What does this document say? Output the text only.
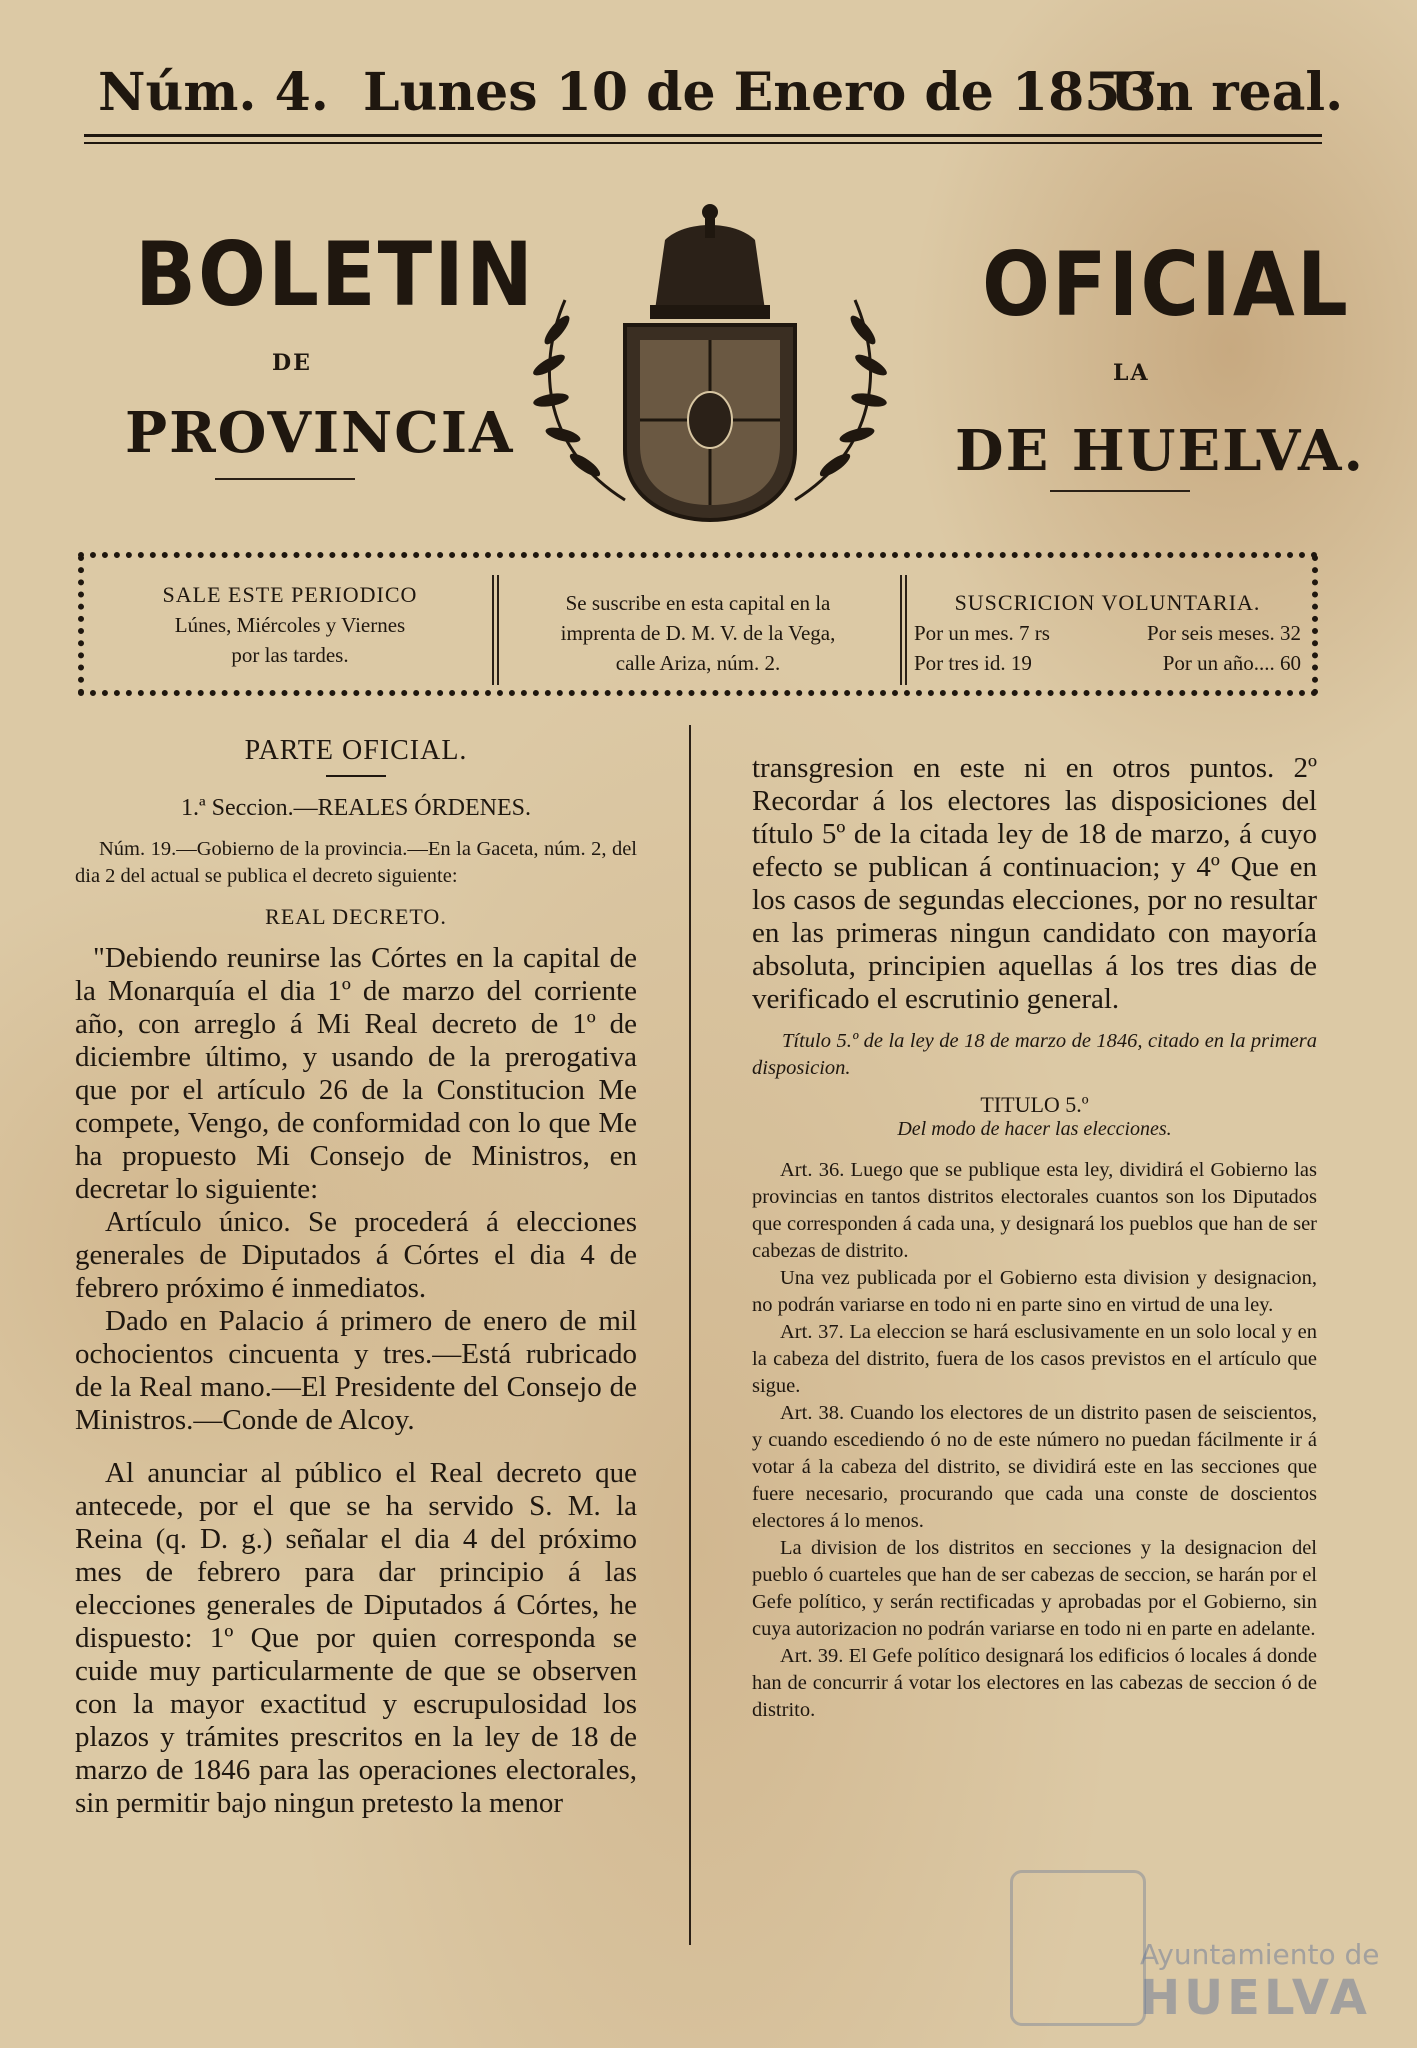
Núm. 4. Lunes 10 de Enero de 1853.
Un real.
BOLETIN
DE
PROVINCIA
OFICIAL
LA
DE HUELVA.
SALE ESTE PERIODICO
Lúnes, Miércoles y Viernes
por las tardes.
Se suscribe en esta capital en la
imprenta de D. M. V. de la Vega,
calle Ariza, núm. 2.
SUSCRICION VOLUNTARIA.
Por un mes. 7 rs	Por seis meses. 32
Por tres id. 19	Por un año.... 60
PARTE OFICIAL.
1.ª Seccion.—REALES ÓRDENES.

Núm. 19.—Gobierno de la provincia.—En la Gaceta, núm. 2, del dia 2 del actual se publica el decreto siguiente:

REAL DECRETO.

"Debiendo reunirse las Córtes en la capital de la Monarquía el dia 1º de marzo del corriente año, con arreglo á Mi Real decreto de 1º de diciembre último, y usando de la prerogativa que por el artículo 26 de la Constitucion Me compete, Vengo, de conformidad con lo que Me ha propuesto Mi Consejo de Ministros, en decretar lo siguiente:

Artículo único. Se procederá á elecciones generales de Diputados á Córtes el dia 4 de febrero próximo é inmediatos.

Dado en Palacio á primero de enero de mil ochocientos cincuenta y tres.—Está rubricado de la Real mano.—El Presidente del Consejo de Ministros.—Conde de Alcoy.

Al anunciar al público el Real decreto que antecede, por el que se ha servido S. M. la Reina (q. D. g.) señalar el dia 4 del próximo mes de febrero para dar principio á las elecciones generales de Diputados á Córtes, he dispuesto: 1º Que por quien corresponda se cuide muy particularmente de que se observen con la mayor exactitud y escrupulosidad los plazos y trámites prescritos en la ley de 18 de marzo de 1846 para las operaciones electorales, sin permitir bajo ningun pretesto la menor

transgresion en este ni en otros puntos. 2º Recordar á los electores las disposiciones del título 5º de la citada ley de 18 de marzo, á cuyo efecto se publican á continuacion; y 4º Que en los casos de segundas elecciones, por no resultar en las primeras ningun candidato con mayoría absoluta, principien aquellas á los tres dias de verificado el escrutinio general.

Título 5.º de la ley de 18 de marzo de 1846, citado en la primera disposicion.

TITULO 5.º
Del modo de hacer las elecciones.

Art. 36. Luego que se publique esta ley, dividirá el Gobierno las provincias en tantos distritos electorales cuantos son los Diputados que corresponden á cada una, y designará los pueblos que han de ser cabezas de distrito.

Una vez publicada por el Gobierno esta division y designacion, no podrán variarse en todo ni en parte sino en virtud de una ley.

Art. 37. La eleccion se hará esclusivamente en un solo local y en la cabeza del distrito, fuera de los casos previstos en el artículo que sigue.

Art. 38. Cuando los electores de un distrito pasen de seiscientos, y cuando escediendo ó no de este número no puedan fácilmente ir á votar á la cabeza del distrito, se dividirá este en las secciones que fuere necesario, procurando que cada una conste de doscientos electores á lo menos.

La division de los distritos en secciones y la designacion del pueblo ó cuarteles que han de ser cabezas de seccion, se harán por el Gefe político, y serán rectificadas y aprobadas por el Gobierno, sin cuya autorizacion no podrán variarse en todo ni en parte en adelante.

Art. 39. El Gefe político designará los edificios ó locales á donde han de concurrir á votar los electores en las cabezas de seccion ó de distrito.

Ayuntamiento de
HUELVA
